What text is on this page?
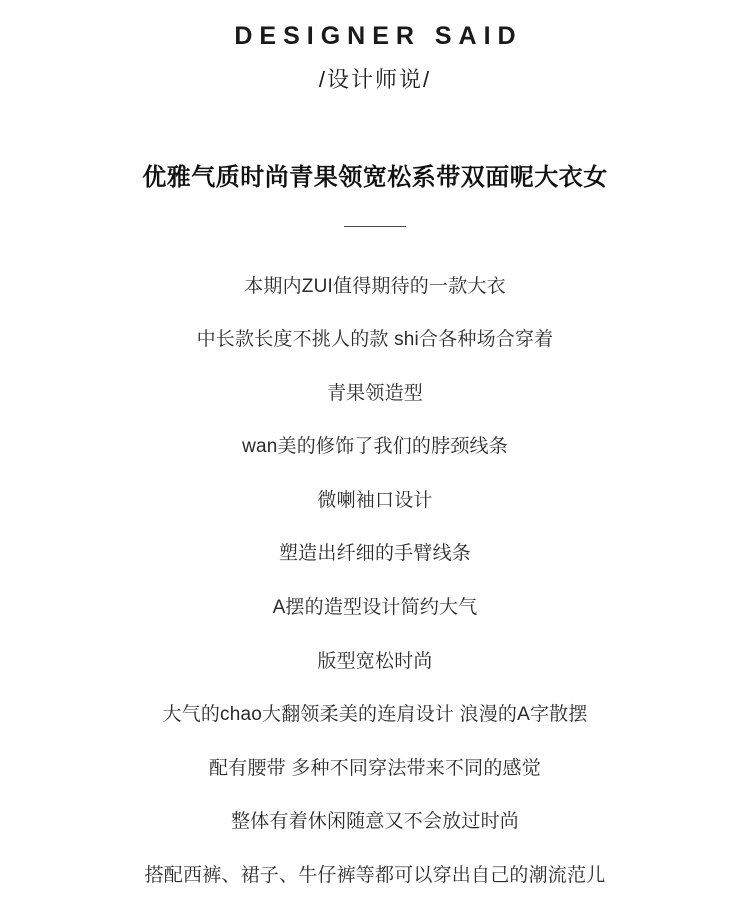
DESIGNER SAID
/设计师说/
优雅气质时尚青果领宽松系带双面呢大衣女
本期内ZUI值得期待的一款大衣
中长款长度不挑人的款 shi合各种场合穿着
青果领造型
wan美的修饰了我们的脖颈线条
微喇袖口设计
塑造出纤细的手臂线条
A摆的造型设计简约大气
版型宽松时尚
大气的chao大翻领柔美的连肩设计 浪漫的A字散摆
配有腰带 多种不同穿法带来不同的感觉
整体有着休闲随意又不会放过时尚
搭配西裤、裙子、牛仔裤等都可以穿出自己的潮流范儿
